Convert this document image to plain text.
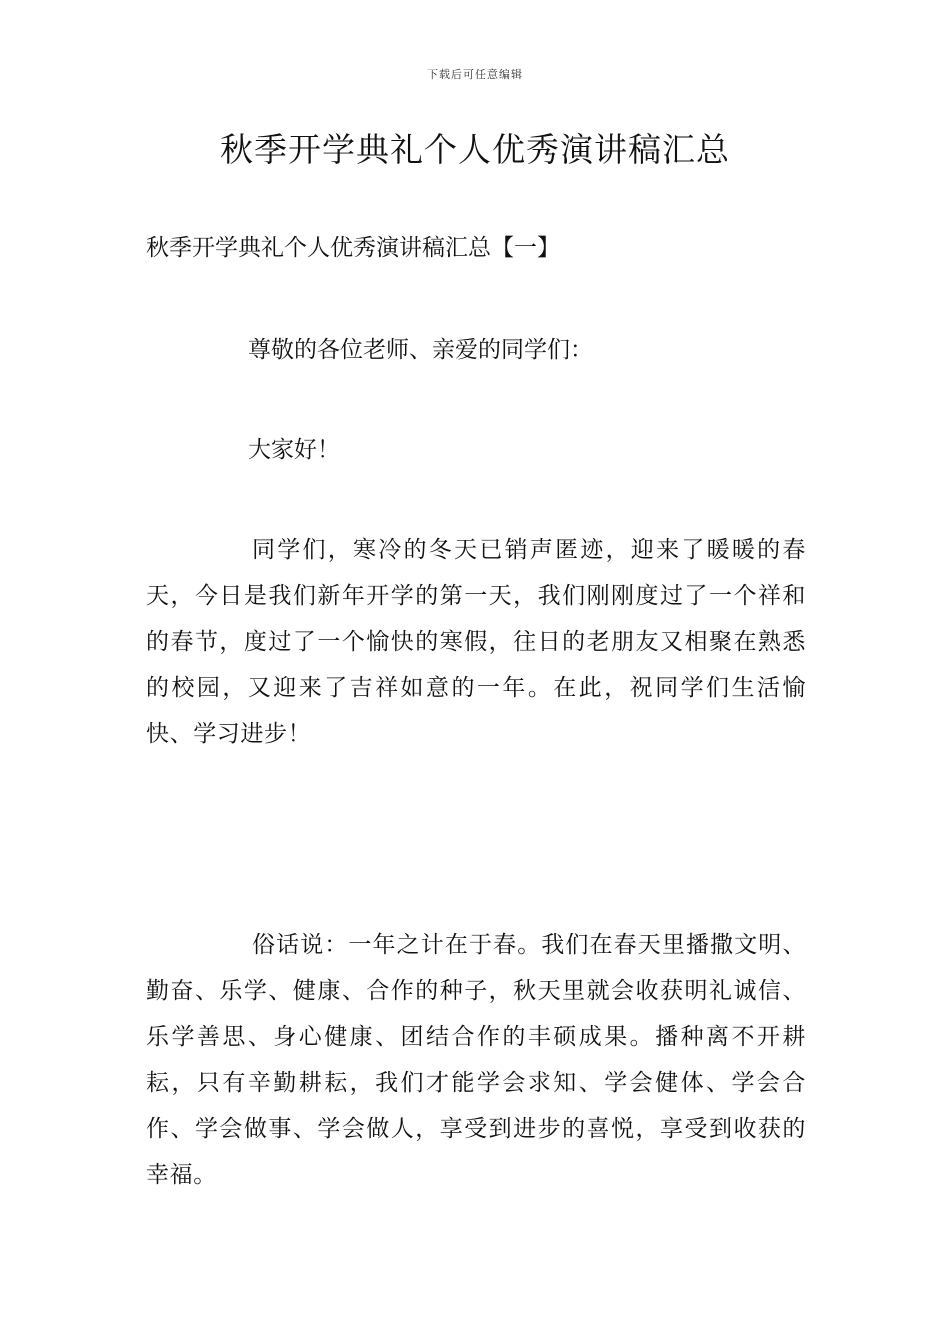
下载后可任意编辑
秋季开学典礼个人优秀演讲稿汇总
秋季开学典礼个人优秀演讲稿汇总【一】

尊敬的各位老师、亲爱的同学们：

大家好！

同学们，寒冷的冬天已销声匿迹，迎来了暖暖的春天，今日是我们新年开学的第一天，我们刚刚度过了一个祥和的春节，度过了一个愉快的寒假，往日的老朋友又相聚在熟悉的校园，又迎来了吉祥如意的一年。在此，祝同学们生活愉快、学习进步！

俗话说：一年之计在于春。我们在春天里播撒文明、勤奋、乐学、健康、合作的种子，秋天里就会收获明礼诚信、乐学善思、身心健康、团结合作的丰硕成果。播种离不开耕耘，只有辛勤耕耘，我们才能学会求知、学会健体、学会合作、学会做事、学会做人，享受到进步的喜悦，享受到收获的幸福。
